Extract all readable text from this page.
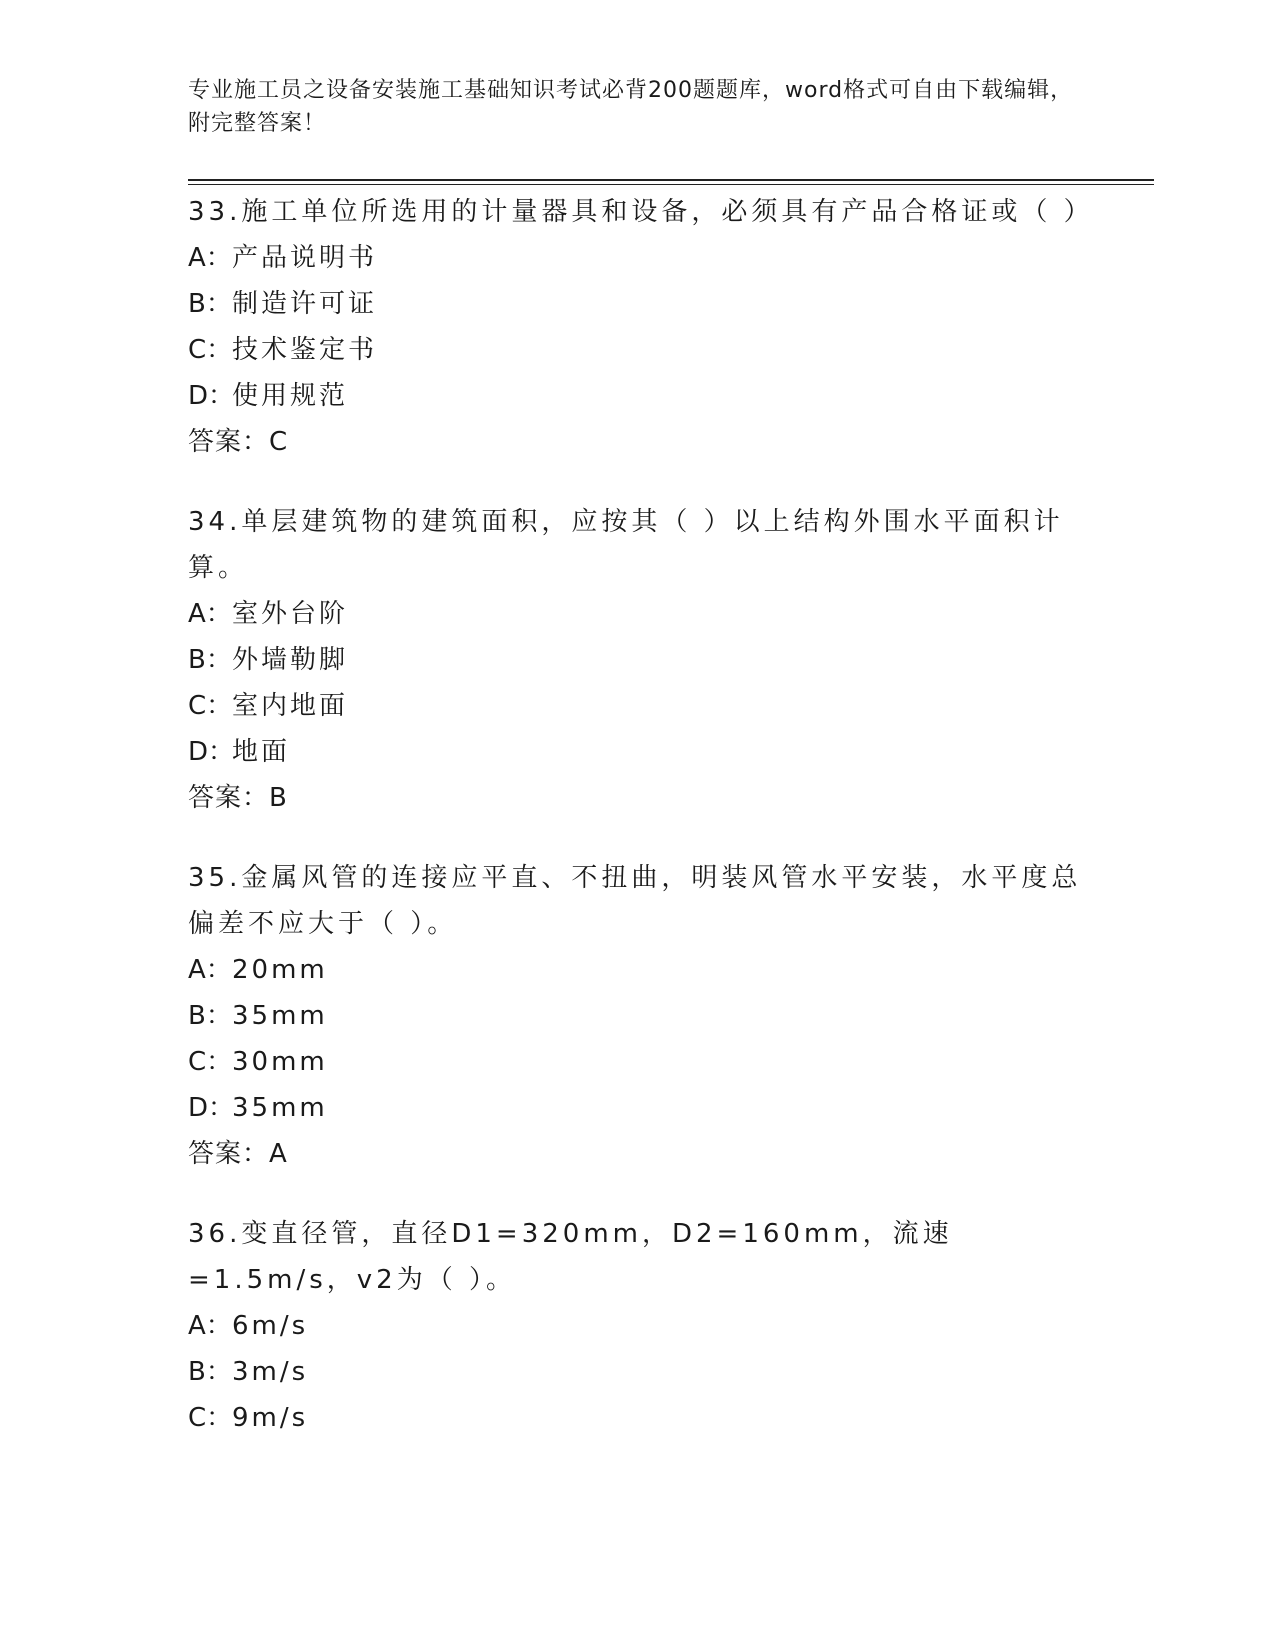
专业施工员之设备安装施工基础知识考试必背200题题库，word格式可自由下载编辑，附完整答案！

33.施工单位所选用的计量器具和设备，必须具有产品合格证或（ ）

A：产品说明书

B：制造许可证

C：技术鉴定书

D：使用规范

答案：C

34.单层建筑物的建筑面积，应按其（ ）以上结构外围水平面积计算。

A：室外台阶

B：外墙勒脚

C：室内地面

D：地面

答案：B

35.金属风管的连接应平直、不扭曲，明装风管水平安装，水平度总偏差不应大于（ ）。

A：20mm

B：35mm

C：30mm

D：35mm

答案：A

36.变直径管，直径D1=320mm，D2=160mm，流速=1.5m/s，v2为（ ）。

A：6m/s

B：3m/s

C：9m/s
